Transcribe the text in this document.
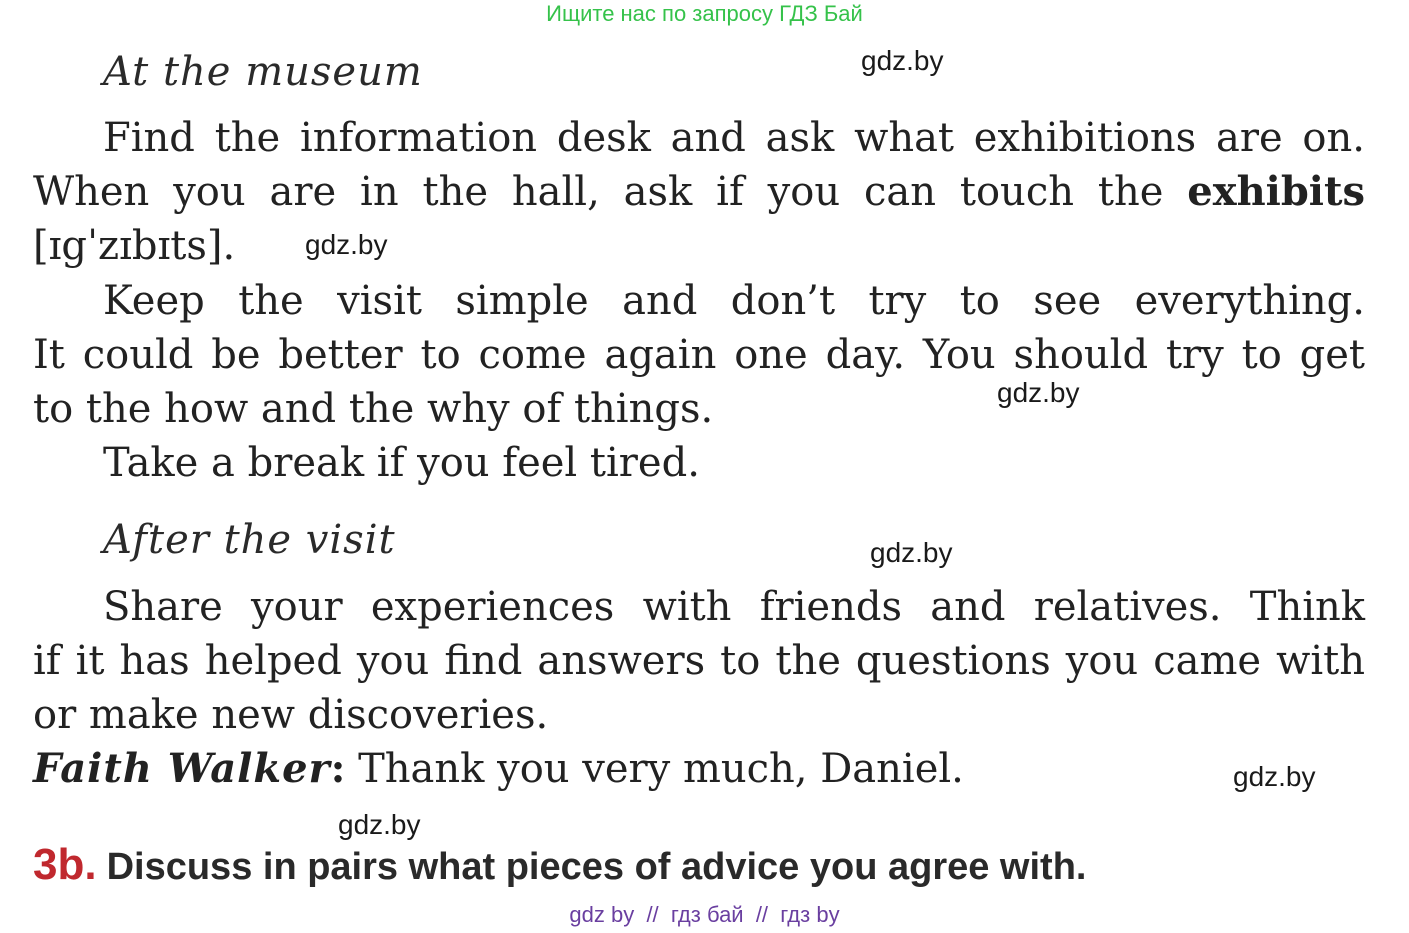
Ищите нас по запросу ГДЗ Бай
At the museum	gdz.by
Find the information desk and ask what exhibitions are on.
When you are in the hall, ask if you can touch the exhibits
[ɪgˈzɪbɪts].	gdz.by
Keep the visit simple and don’t try to see everything.
It could be better to come again one day. You should try to get
to the how and the why of things.	gdz.by
Take a break if you feel tired.
After the visit	gdz.by
Share your experiences with friends and relatives. Think
if it has helped you find answers to the questions you came with
or make new discoveries.
Faith Walker: Thank you very much, Daniel.	gdz.by
gdz.by
3b. Discuss in pairs what pieces of advice you agree with.
gdz by  //  гдз бай  //  гдз by
